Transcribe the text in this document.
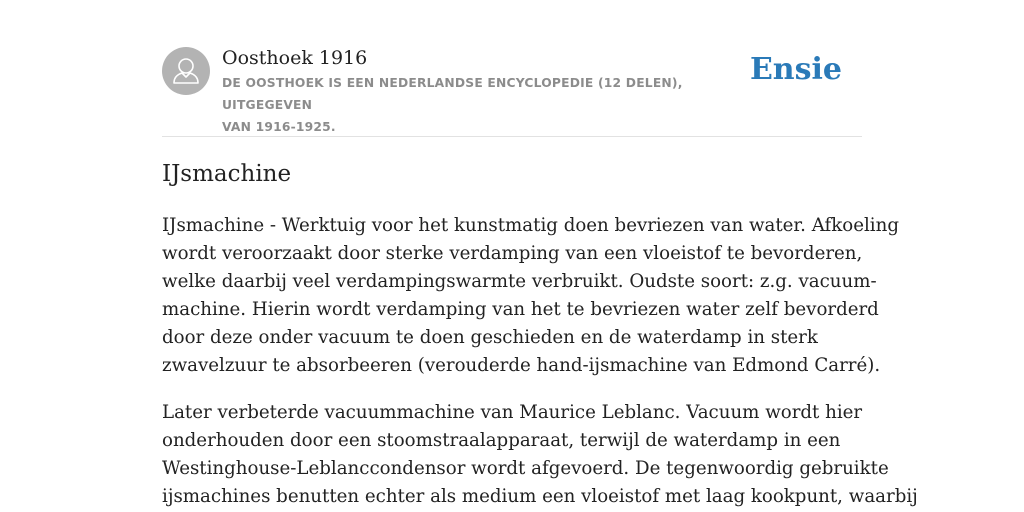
Oosthoek 1916
DE OOSTHOEK IS EEN NEDERLANDSE ENCYCLOPEDIE (12 DELEN), UITGEGEVEN
VAN 1916-1925.
Ensie
IJsmachine

IJsmachine - Werktuig voor het kunstmatig doen bevriezen van water. Afkoeling
wordt veroorzaakt door sterke verdamping van een vloeistof te bevorderen,
welke daarbij veel verdampingswarmte verbruikt. Oudste soort: z.g. vacuum-
machine. Hierin wordt verdamping van het te bevriezen water zelf bevorderd
door deze onder vacuum te doen geschieden en de waterdamp in sterk
zwavelzuur te absorbeeren (verouderde hand-ijsmachine van Edmond Carré).

Later verbeterde vacuummachine van Maurice Leblanc. Vacuum wordt hier
onderhouden door een stoomstraalapparaat, terwijl de waterdamp in een
Westinghouse-Leblanccondensor wordt afgevoerd. De tegenwoordig gebruikte
ijsmachines benutten echter als medium een vloeistof met laag kookpunt, waarbij
